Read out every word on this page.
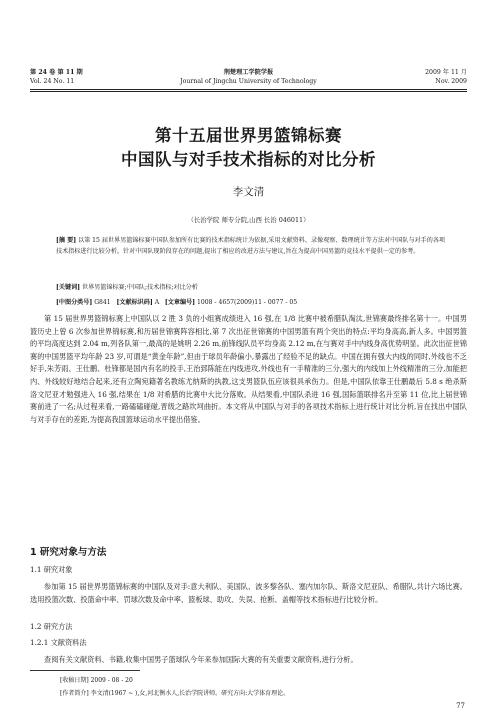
第 24 卷 第 11 期
Vol. 24 No. 11
荆楚理工学院学报
Journal of Jingchu University of Technology
2009 年 11 月
Nov. 2009
第十五届世界男篮锦标赛
中国队与对手技术指标的对比分析
李文清
（长治学院 师专分院,山西 长治 046011）
[摘 要] 以第 15 届世界男篮锦标赛中国队参加所有比赛的技术指标统计为依据,采用文献资料、录像观察、数理统计等方法对中国队与对手的各项技术指标进行比较分析。针对中国队现阶段存在的问题,提出了相应的改进方法与建议,旨在为提高中国男篮的竞技水平提供一定的参考。
[关键词] 世界男篮锦标赛;中国队;技术指标;对比分析
[中图分类号] G841 [文献标识码] A [文章编号] 1008 - 4657(2009)11 - 0077 - 05
第 15 届世界男篮锦标赛上中国队以 2 胜 3 负的小组赛成绩进入 16 强,在 1/8 比赛中被希腊队淘汰,世锦赛最终排名第十一。中国男篮历史上曾 6 次参加世界锦标赛,和历届世锦赛阵容相比,第 7 次出征世锦赛的中国男篮有两个突出的特点:平均身高高,新人多。中国男篮的平均高度达到 2.04 m,列各队第一,最高的是姚明 2.26 m,前锋线队员平均身高 2.12 m,在与赛对手中内线身高优势明显。此次出征世锦赛的中国男篮平均年龄 23 岁,可谓是“黄金年龄”,但由于球员年龄偏小,暴露出了经验不足的缺点。中国在拥有强大内线的同时,外线也不乏好手,朱芳雨、王仕鹏、杜锋都是国内有名的投手,王治郅陈能在内线进攻,外线也有一手精准的三分,强大的内线加上外线精准的三分,加能把内、外线较好地结合起来,还有立陶宛籍著名教练尤纳斯的执教,这支男篮队伍应该很具承伤力。但是,中国队依靠王仕鹏最后 5.8 s 绝杀斯洛文尼亚才勉强进入 16 强,结果在 1/8 对希腊的比赛中大比分落败。从结果看,中国队杀进 16 强,国际篮联排名升至第 11 位,比上届世锦赛前进了一名;从过程来看,一路磕磕碰碰,晋级之路坎坷曲折。本文将从中国队与对手的各项技术指标上进行统计对比分析,旨在找出中国队与对手存在的差距,为提高我国篮球运动水平提出借鉴。
1 研究对象与方法
1.1 研究对象
参加第 15 届世界男篮锦标赛的中国队及对手:意大利队、美国队、波多黎各队、塞内加尔队、斯洛文尼亚队、希腊队,共计六场比赛。选用投篮次数、投篮命中率、罚球次数及命中率、篮板球、助攻、失误、抢断、盖帽等技术指标进行比较分析。
1.2 研究方法
1.2.1 文献资料法
查阅有关文献资料、书籍,收集中国男子篮球队今年来参加国际大赛的有关重要文献资料,进行分析。
[收稿日期] 2009 - 08 - 20
[作者简介] 李文清(1967 ~ ),女,河北衡水人,长治学院讲师。研究方向:大学体育理论。
77
